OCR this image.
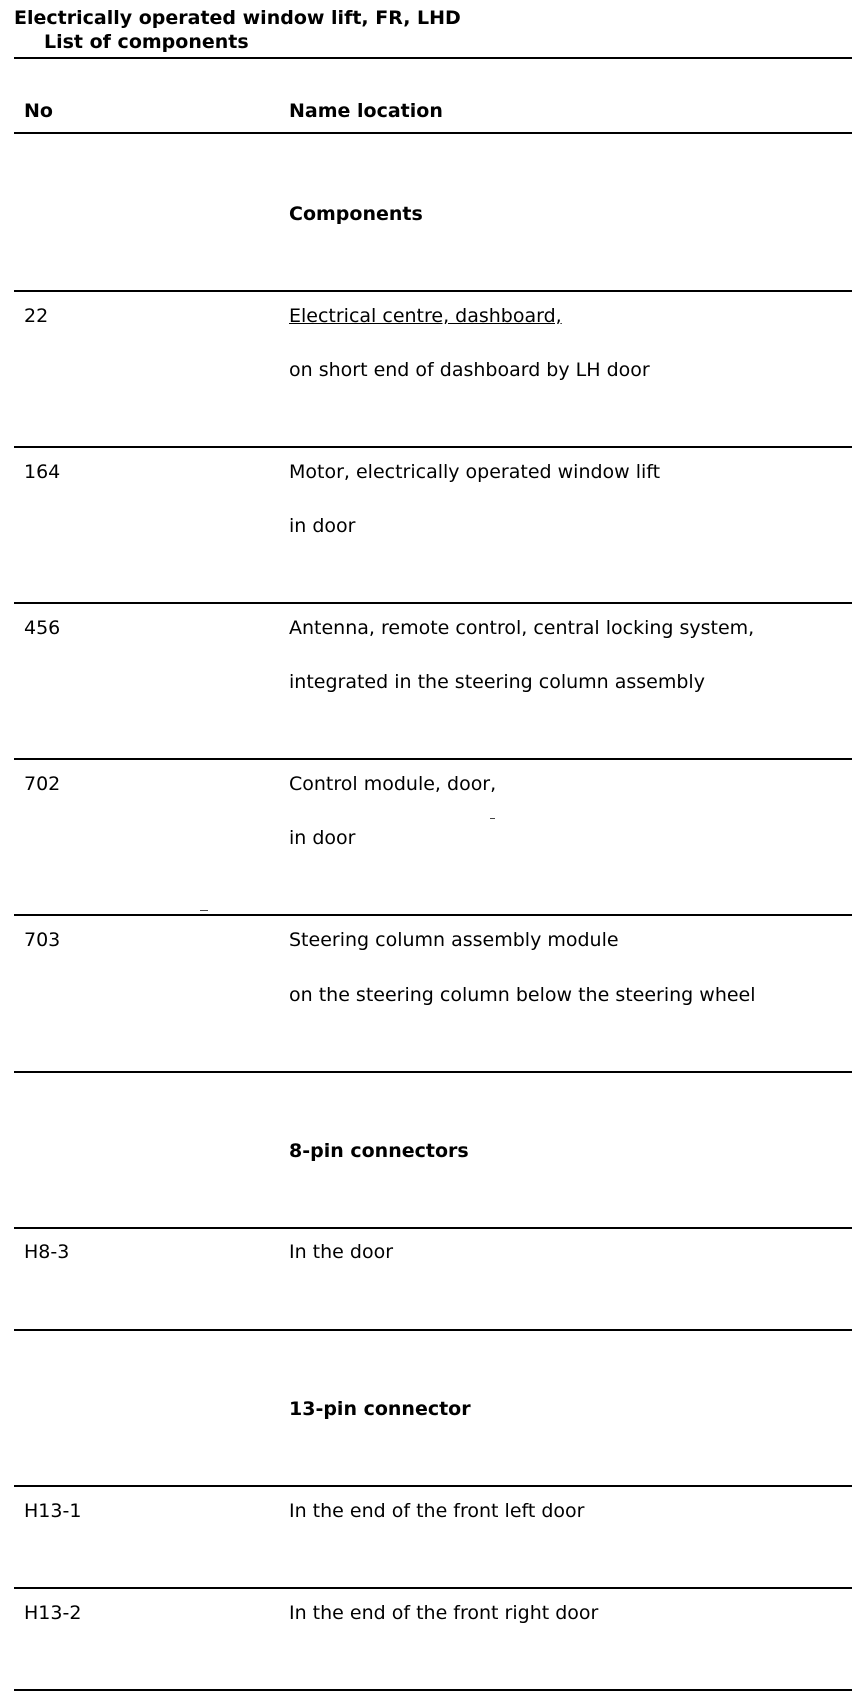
Electrically operated window lift, FR, LHD
List of components
No	Name location
Components
22	Electrical centre, dashboard,
on short end of dashboard by LH door
164	Motor, electrically operated window lift
in door
456	Antenna, remote control, central locking system,
integrated in the steering column assembly
702	Control module, door,
in door
703	Steering column assembly module
on the steering column below the steering wheel
8-pin connectors
H8-3	In the door
13-pin connector
H13-1	In the end of the front left door
H13-2	In the end of the front right door
